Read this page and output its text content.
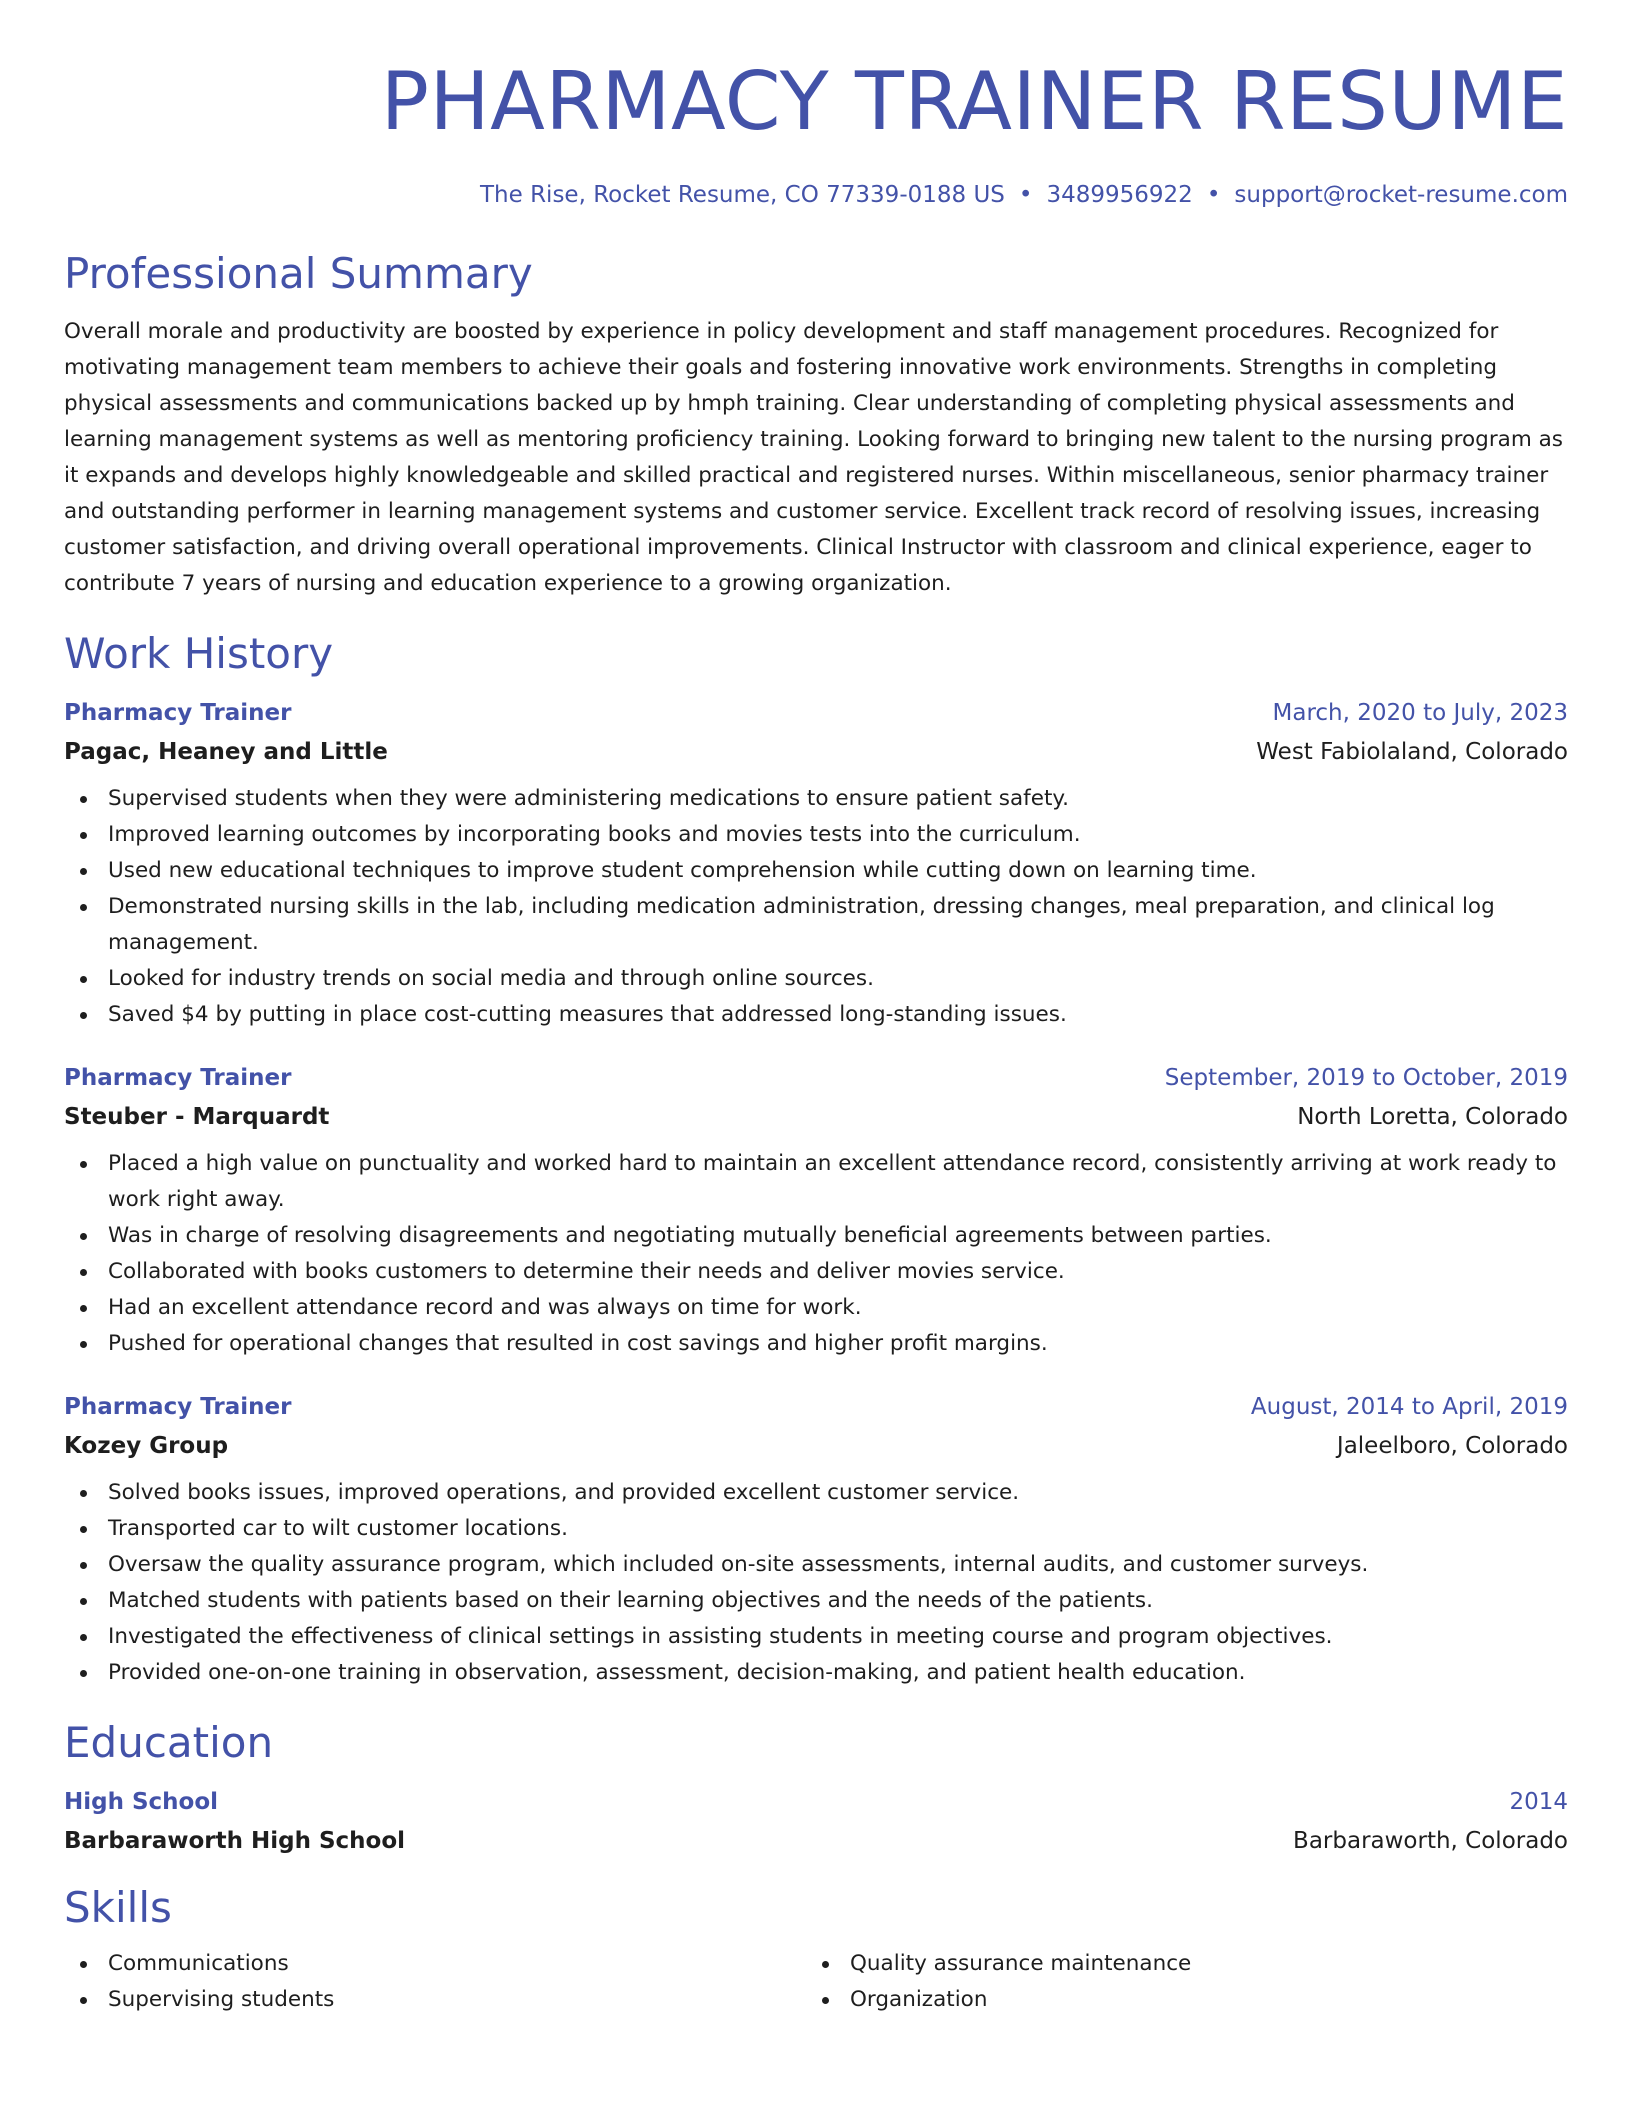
PHARMACY TRAINER RESUME
The Rise, Rocket Resume, CO 77339-0188 US • 3489956922 • support@rocket-resume.com
Professional Summary

Overall morale and productivity are boosted by experience in policy development and staff management procedures. Recognized for motivating management team members to achieve their goals and fostering innovative work environments. Strengths in completing physical assessments and communications backed up by hmph training. Clear understanding of completing physical assessments and learning management systems as well as mentoring proficiency training. Looking forward to bringing new talent to the nursing program as it expands and develops highly knowledgeable and skilled practical and registered nurses. Within miscellaneous, senior pharmacy trainer and outstanding performer in learning management systems and customer service. Excellent track record of resolving issues, increasing customer satisfaction, and driving overall operational improvements. Clinical Instructor with classroom and clinical experience, eager to contribute 7 years of nursing and education experience to a growing organization.

Work History
Pharmacy Trainer	March, 2020 to July, 2023
Pagac, Heaney and Little	West Fabiolaland, Colorado
Supervised students when they were administering medications to ensure patient safety.
Improved learning outcomes by incorporating books and movies tests into the curriculum.
Used new educational techniques to improve student comprehension while cutting down on learning time.
Demonstrated nursing skills in the lab, including medication administration, dressing changes, meal preparation, and clinical log management.
Looked for industry trends on social media and through online sources.
Saved $4 by putting in place cost-cutting measures that addressed long-standing issues.
Pharmacy Trainer	September, 2019 to October, 2019
Steuber - Marquardt	North Loretta, Colorado
Placed a high value on punctuality and worked hard to maintain an excellent attendance record, consistently arriving at work ready to work right away.
Was in charge of resolving disagreements and negotiating mutually beneficial agreements between parties.
Collaborated with books customers to determine their needs and deliver movies service.
Had an excellent attendance record and was always on time for work.
Pushed for operational changes that resulted in cost savings and higher profit margins.
Pharmacy Trainer	August, 2014 to April, 2019
Kozey Group	Jaleelboro, Colorado
Solved books issues, improved operations, and provided excellent customer service.
Transported car to wilt customer locations.
Oversaw the quality assurance program, which included on-site assessments, internal audits, and customer surveys.
Matched students with patients based on their learning objectives and the needs of the patients.
Investigated the effectiveness of clinical settings in assisting students in meeting course and program objectives.
Provided one-on-one training in observation, assessment, decision-making, and patient health education.
Education
High School	2014
Barbaraworth High School	Barbaraworth, Colorado
Skills
Communications	Quality assurance maintenance
Supervising students	Organization
